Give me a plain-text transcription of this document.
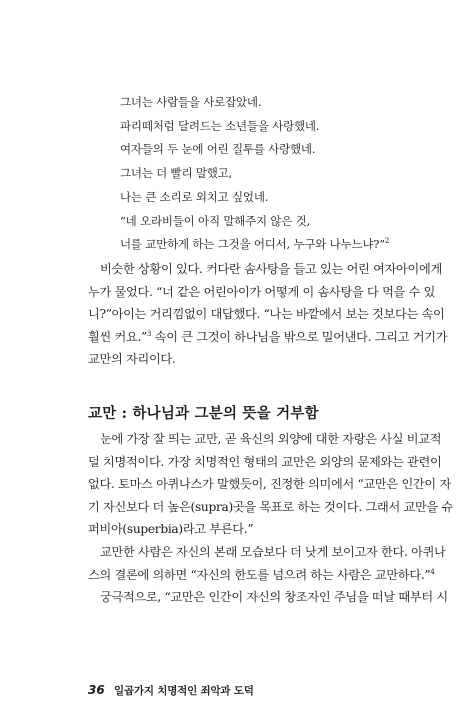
그녀는 사람들을 사로잡았네.
파리떼처럼 달려드는 소년들을 사랑했네.
여자들의 두 눈에 어린 질투를 사랑했네.
그녀는 더 빨리 말했고,
나는 큰 소리로 외치고 싶었네.
“네 오라비들이 아직 말해주지 않은 것,
너를 교만하게 하는 그것을 어디서, 누구와 나누느냐?”$^2$
비슷한 상황이 있다. 커다란 솜사탕을 들고 있는 어린 여자아이에게
누가 물었다. “너 같은 어린아이가 어떻게 이 솜사탕을 다 먹을 수 있
니?”아이는 거리낌없이 대답했다. “나는 바깥에서 보는 것보다는 속이
훨씬 커요.”$^3$ 속이 큰 그것이 하나님을 밖으로 밀어낸다. 그리고 거기가
교만의 자리이다.
교만 : 하나님과 그분의 뜻을 거부함
눈에 가장 잘 띄는 교만, 곧 육신의 외양에 대한 자랑은 사실 비교적
덜 치명적이다. 가장 치명적인 형태의 교만은 외양의 문제와는 관련이
없다. 토마스 아퀴나스가 말했듯이, 진정한 의미에서 “교만은 인간이 자
기 자신보다 더 높은(supra)곳을 목표로 하는 것이다. 그래서 교만을 슈
퍼비아(superbia)라고 부른다.”
교만한 사람은 자신의 본래 모습보다 더 낫게 보이고자 한다. 아퀴나
스의 결론에 의하면 “자신의 한도를 넘으려 하는 사람은 교만하다.”$^4$
궁극적으로, “교만은 인간이 자신의 창조자인 주님을 떠날 때부터 시
36 일곱가지 치명적인 죄악과 도덕
